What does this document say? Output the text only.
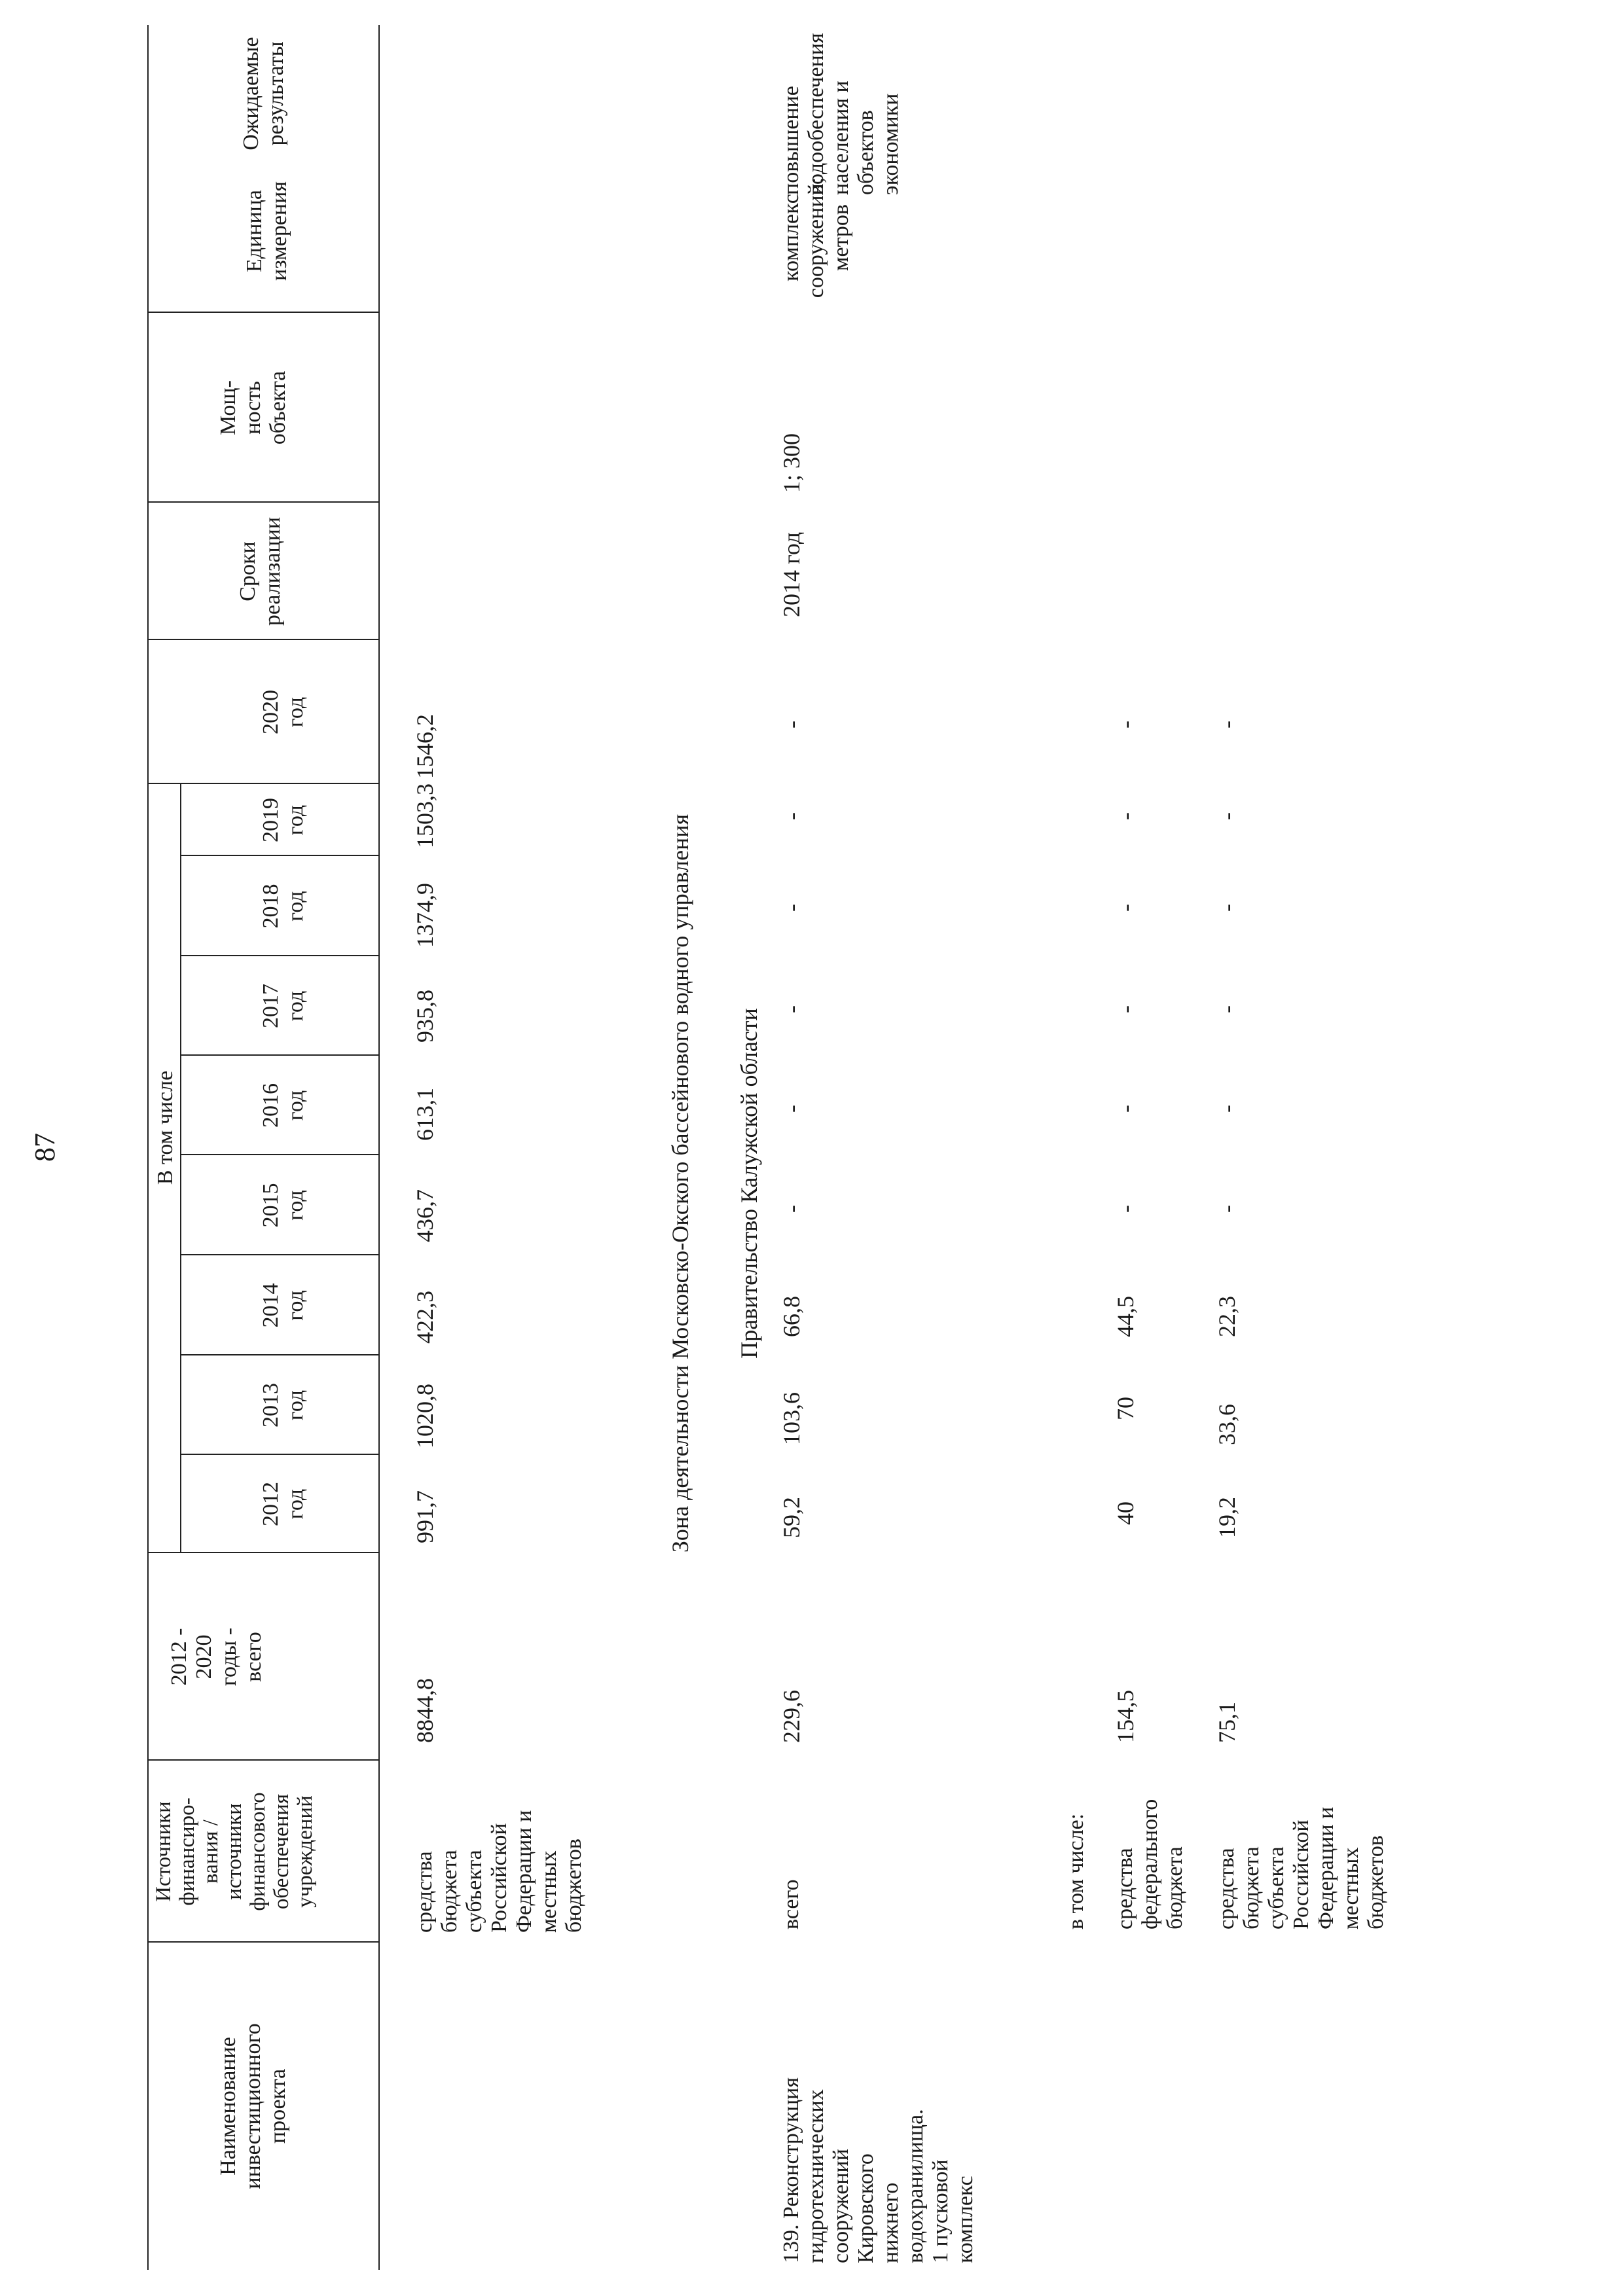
87
Наименование
инвестиционного
проекта
Источники
финансиро-
вания /
источники
финансового
обеспечения
учреждений
2012 -
2020
годы -
всего
В том числе
2012
год
2013
год
2014
год
2015
год
2016
год
2017
год
2018
год
2019
год
2020
год
Сроки
реализации
Мощ-
ность
объекта
Единица
измерения
Ожидаемые
результаты
средства
бюджета
субъекта
Российской
Федерации и
местных
бюджетов
8844,8
991,7
1020,8
422,3
436,7
613,1
935,8
1374,9
1503,3
1546,2
Зона деятельности Московско-Окского бассейнового водного управления Правительство Калужской области
139. Реконструкция
гидротехнических
сооружений
Кировского
нижнего
водохранилища.
1 пусковой
комплекс
всего
229,6
59,2
103,6
66,8
-
-
-
-
-
-
2014 год
1; 300
комплекс
сооружений;
метров
повышение
водообеспечения
населения и
объектов
экономики
в том числе: средства
федерального
бюджета
154,5
40
70
44,5
-
-
-
-
-
-
средства
бюджета
субъекта
Российской
Федерации и
местных
бюджетов
75,1
19,2
33,6
22,3
-
-
-
-
-
-
